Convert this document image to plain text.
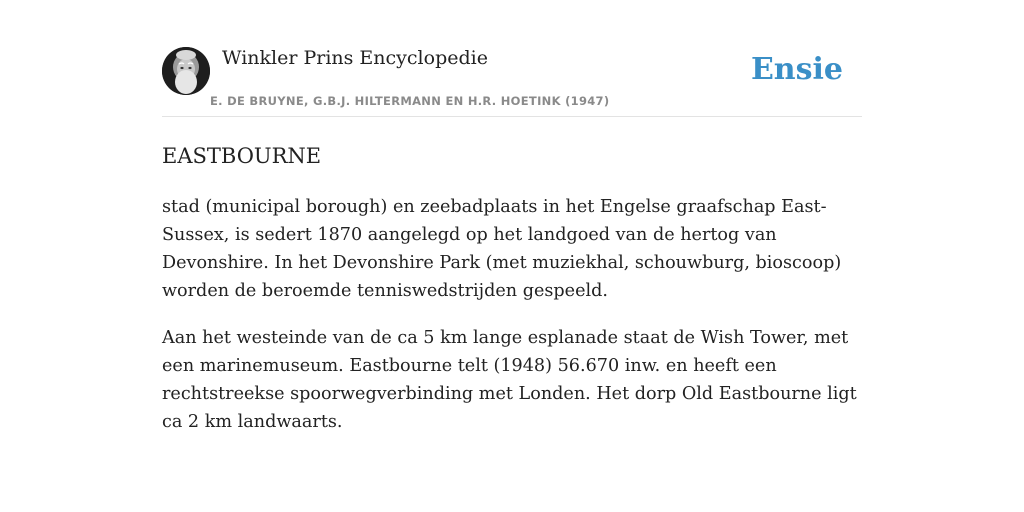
Winkler Prins Encyclopedie
E. DE BRUYNE, G.B.J. HILTERMANN EN H.R. HOETINK (1947)
Ensie
EASTBOURNE

stad (municipal borough) en zeebadplaats in het Engelse graafschap East-Sussex, is sedert 1870 aangelegd op het landgoed van de hertog van Devonshire. In het Devonshire Park (met muziekhal, schouwburg, bioscoop) worden de beroemde tenniswedstrijden gespeeld.

Aan het westeinde van de ca 5 km lange esplanade staat de Wish Tower, met een marinemuseum. Eastbourne telt (1948) 56.670 inw. en heeft een rechtstreekse spoorwegverbinding met Londen. Het dorp Old Eastbourne ligt ca 2 km landwaarts.
